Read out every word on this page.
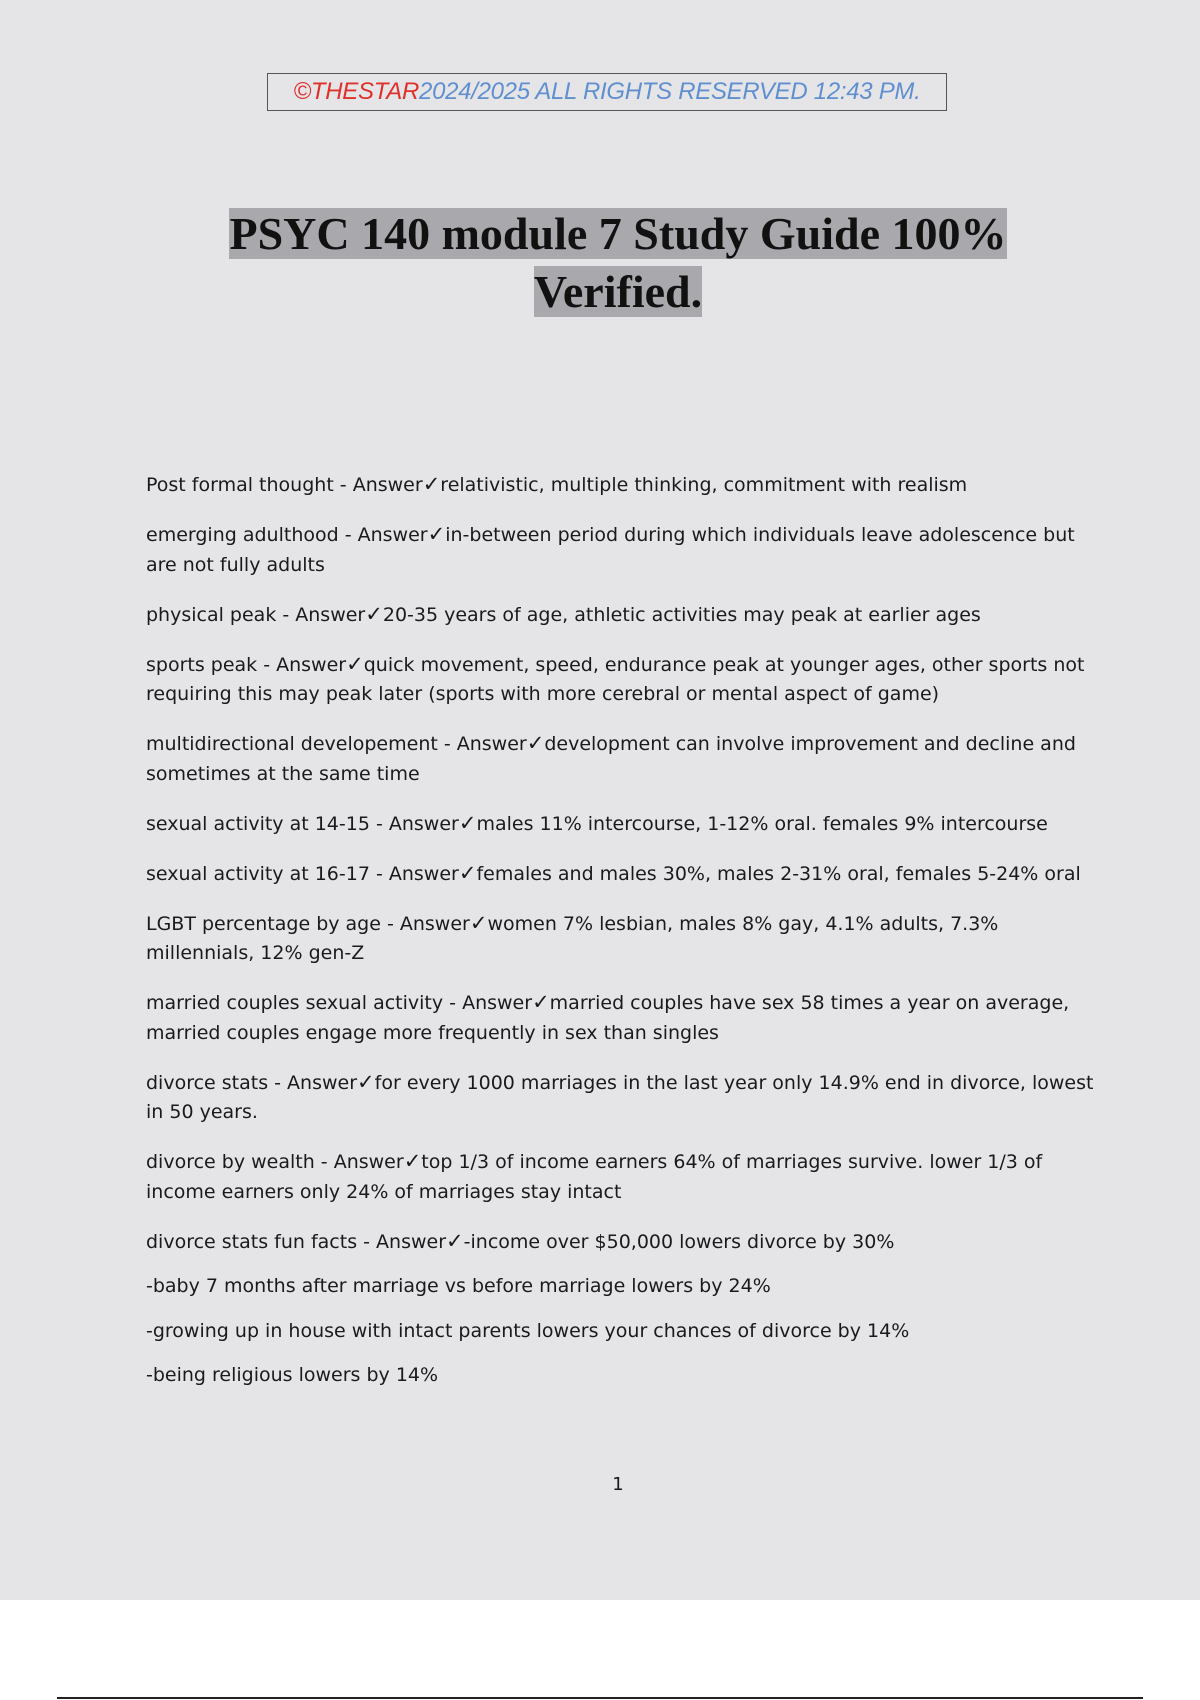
©THESTAR 2024/2025 ALL RIGHTS RESERVED 12:43 PM.
PSYC 140 module 7 Study Guide 100%
Verified.
Post formal thought - Answer✓relativistic, multiple thinking, commitment with realism
emerging adulthood - Answer✓in-between period during which individuals leave adolescence but are not fully adults
physical peak - Answer✓20-35 years of age, athletic activities may peak at earlier ages
sports peak - Answer✓quick movement, speed, endurance peak at younger ages, other sports not requiring this may peak later (sports with more cerebral or mental aspect of game)
multidirectional developement - Answer✓development can involve improvement and decline and sometimes at the same time
sexual activity at 14-15 - Answer✓males 11% intercourse, 1-12% oral. females 9% intercourse
sexual activity at 16-17 - Answer✓females and males 30%, males 2-31% oral, females 5-24% oral
LGBT percentage by age - Answer✓women 7% lesbian, males 8% gay, 4.1% adults, 7.3% millennials, 12% gen-Z
married couples sexual activity - Answer✓married couples have sex 58 times a year on average, married couples engage more frequently in sex than singles
divorce stats - Answer✓for every 1000 marriages in the last year only 14.9% end in divorce, lowest in 50 years.
divorce by wealth - Answer✓top 1/3 of income earners 64% of marriages survive. lower 1/3 of income earners only 24% of marriages stay intact
divorce stats fun facts - Answer✓-income over $50,000 lowers divorce by 30%
-baby 7 months after marriage vs before marriage lowers by 24%
-growing up in house with intact parents lowers your chances of divorce by 14%
-being religious lowers by 14%
1
